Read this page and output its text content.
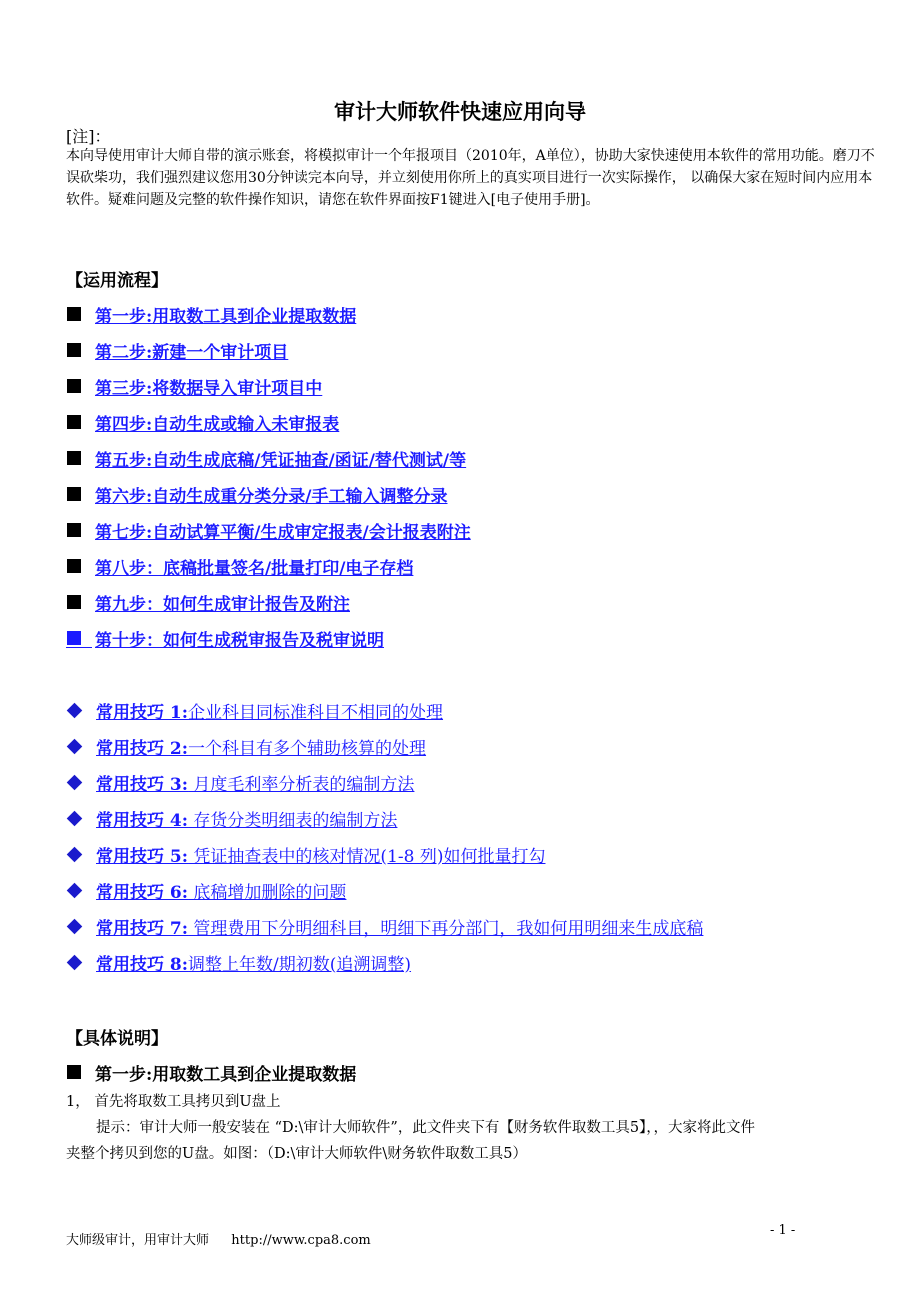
审计大师软件快速应用向导
[注]：
本向导使用审计大师自带的演示账套，将模拟审计一个年报项目（2010年，A单位），协助大家快速使用本软件的常用功能。磨刀不误砍柴功，我们强烈建议您用30分钟读完本向导，并立刻使用你所上的真实项目进行一次实际操作， 以确保大家在短时间内应用本软件。疑难问题及完整的软件操作知识，请您在软件界面按F1键进入[电子使用手册]。
【运用流程】
第一步:用取数工具到企业提取数据
第二步:新建一个审计项目
第三步:将数据导入审计项目中
第四步:自动生成或输入未审报表
第五步:自动生成底稿/凭证抽查/函证/替代测试/等
第六步:自动生成重分类分录/手工输入调整分录
第七步:自动试算平衡/生成审定报表/会计报表附注
第八步：底稿批量签名/批量打印/电子存档
第九步：如何生成审计报告及附注
第十步：如何生成税审报告及税审说明
常用技巧 1:企业科目同标准科目不相同的处理
常用技巧 2:一个科目有多个辅助核算的处理
常用技巧 3: 月度毛利率分析表的编制方法
常用技巧 4: 存货分类明细表的编制方法
常用技巧 5: 凭证抽查表中的核对情况(1-8 列)如何批量打勾
常用技巧 6: 底稿增加删除的问题
常用技巧 7: 管理费用下分明细科目，明细下再分部门，我如何用明细来生成底稿
常用技巧 8:调整上年数/期初数(追溯调整)
【具体说明】
第一步:用取数工具到企业提取数据
1， 首先将取数工具拷贝到U盘上
提示：审计大师一般安装在 “D:\审计大师软件”，此文件夹下有【财务软件取数工具5】，，大家将此文件
夹整个拷贝到您的U盘。如图：（D:\审计大师软件\财务软件取数工具5）
大师级审计，用审计大师 http://www.cpa8.com
- 1 -
